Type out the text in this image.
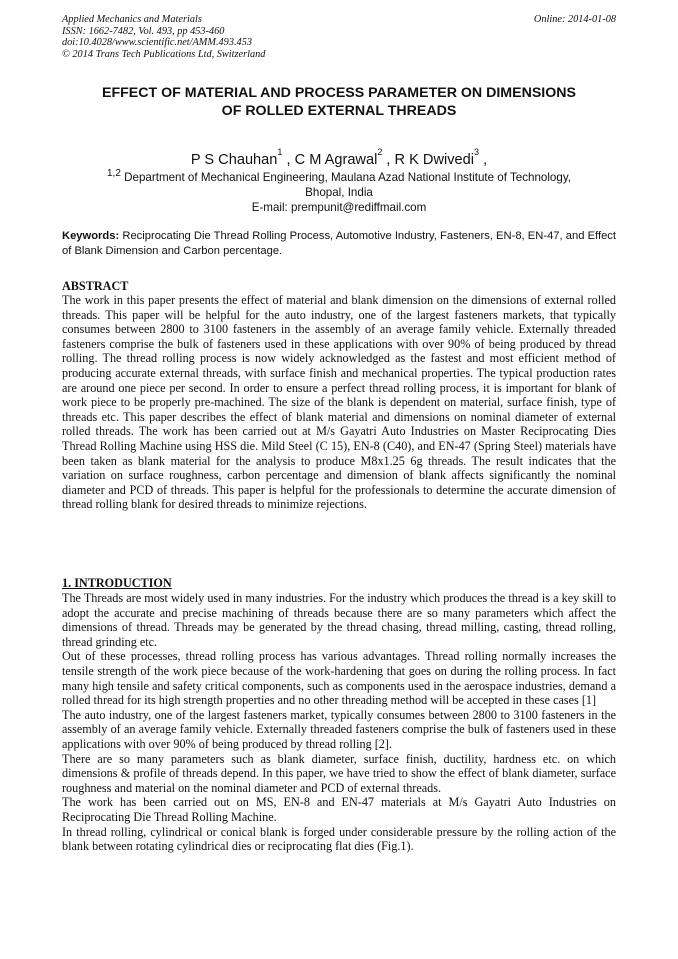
Applied Mechanics and Materials
ISSN: 1662-7482, Vol. 493, pp 453-460
doi:10.4028/www.scientific.net/AMM.493.453
© 2014 Trans Tech Publications Ltd, Switzerland
Online: 2014-01-08
EFFECT OF MATERIAL AND PROCESS PARAMETER ON DIMENSIONS
OF ROLLED EXTERNAL THREADS
P S Chauhan$^1$ , C M Agrawal$^2$ , R K Dwivedi$^3$ ,
$^{1,2}$ Department of Mechanical Engineering, Maulana Azad National Institute of Technology,
Bhopal, India
E-mail: prempunit@rediffmail.com
Keywords: Reciprocating Die Thread Rolling Process, Automotive Industry, Fasteners, EN-8, EN-47, and Effect of Blank Dimension and Carbon percentage.
ABSTRACT

The work in this paper presents the effect of material and blank dimension on the dimensions of external rolled threads. This paper will be helpful for the auto industry, one of the largest fasteners markets, that typically consumes between 2800 to 3100 fasteners in the assembly of an average family vehicle. Externally threaded fasteners comprise the bulk of fasteners used in these applications with over 90% of being produced by thread rolling. The thread rolling process is now widely acknowledged as the fastest and most efficient method of producing accurate external threads, with surface finish and mechanical properties. The typical production rates are around one piece per second. In order to ensure a perfect thread rolling process, it is important for blank of work piece to be properly pre-machined. The size of the blank is dependent on material, surface finish, type of threads etc. This paper describes the effect of blank material and dimensions on nominal diameter of external rolled threads. The work has been carried out at M/s Gayatri Auto Industries on Master Reciprocating Dies Thread Rolling Machine using HSS die. Mild Steel (C 15), EN-8 (C40), and EN-47 (Spring Steel) materials have been taken as blank material for the analysis to produce M8x1.25 6g threads. The result indicates that the variation on surface roughness, carbon percentage and dimension of blank affects significantly the nominal diameter and PCD of threads. This paper is helpful for the professionals to determine the accurate dimension of thread rolling blank for desired threads to minimize rejections.

1. INTRODUCTION

The Threads are most widely used in many industries. For the industry which produces the thread is a key skill to adopt the accurate and precise machining of threads because there are so many parameters which affect the dimensions of thread. Threads may be generated by the thread chasing, thread milling, casting, thread rolling, thread grinding etc.

Out of these processes, thread rolling process has various advantages. Thread rolling normally increases the tensile strength of the work piece because of the work-hardening that goes on during the rolling process. In fact many high tensile and safety critical components, such as components used in the aerospace industries, demand a rolled thread for its high strength properties and no other threading method will be accepted in these cases [1]

The auto industry, one of the largest fasteners market, typically consumes between 2800 to 3100 fasteners in the assembly of an average family vehicle. Externally threaded fasteners comprise the bulk of fasteners used in these applications with over 90% of being produced by thread rolling [2].

There are so many parameters such as blank diameter, surface finish, ductility, hardness etc. on which dimensions & profile of threads depend. In this paper, we have tried to show the effect of blank diameter, surface roughness and material on the nominal diameter and PCD of external threads.

The work has been carried out on MS, EN-8 and EN-47 materials at M/s Gayatri Auto Industries on Reciprocating Die Thread Rolling Machine.

In thread rolling, cylindrical or conical blank is forged under considerable pressure by the rolling action of the blank between rotating cylindrical dies or reciprocating flat dies (Fig.1).
